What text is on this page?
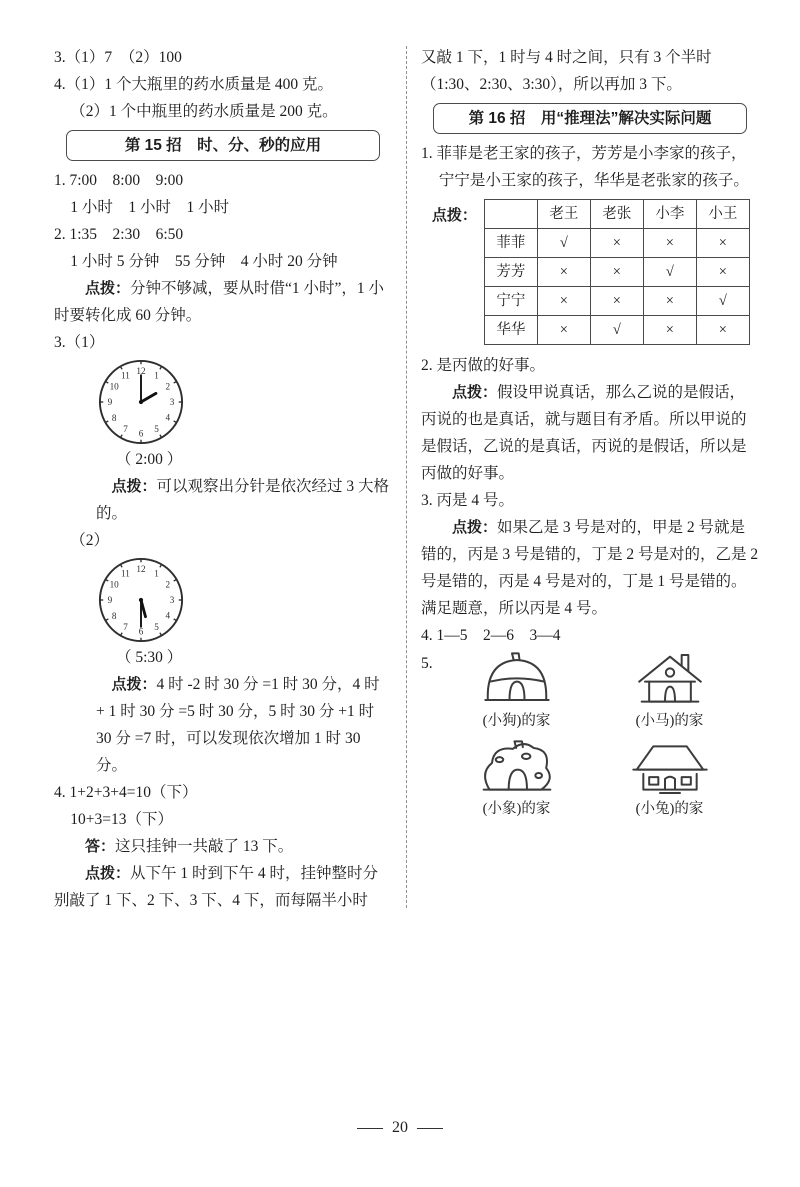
3.（1）7　（2）100

4.（1）1 个大瓶里的药水质量是 400 克。

（2）1 个中瓶里的药水质量是 200 克。

第 15 招　时、分、秒的应用

1. 7:00　8:00　9:00

1 小时　1 小时　1 小时

2. 1:35　2:30　6:50

1 小时 5 分钟　55 分钟　4 小时 20 分钟

点拨：分钟不够减，要从时借“1 小时”，1 小时要转化成 60 分钟。

3.（1）

12 1
2
3
4
5
6
7
8
9
10
11

（ 2:00 ）

点拨：可以观察出分针是依次经过 3 大格的。

（2）

12 1
2
3
4
5
6
7
8
9
10
11

（ 5:30 ）

点拨：4 时 -2 时 30 分 =1 时 30 分，4 时 + 1 时 30 分 =5 时 30 分，5 时 30 分 +1 时 30 分 =7 时，可以发现依次增加 1 时 30 分。

4. 1+2+3+4=10（下）

10+3=13（下）

答：这只挂钟一共敲了 13 下。

点拨：从下午 1 时到下午 4 时，挂钟整时分别敲了 1 下、2 下、3 下、4 下，而每隔半小时

又敲 1 下，1 时与 4 时之间，只有 3 个半时（1:30、2:30、3:30），所以再加 3 下。

第 16 招　用“推理法”解决实际问题

1. 菲菲是老王家的孩子，芳芳是小李家的孩子，宁宁是小王家的孩子，华华是老张家的孩子。

点拨：
		老王	老张	小李	小王
菲菲	√	×	×	×
芳芳	×	×	√	×
宁宁	×	×	×	√
华华	×	√	×	×

2. 是丙做的好事。

点拨：假设甲说真话，那么乙说的是假话，丙说的也是真话，就与题目有矛盾。所以甲说的是假话，乙说的是真话，丙说的是假话，所以是丙做的好事。

3. 丙是 4 号。

点拨：如果乙是 3 号是对的，甲是 2 号就是错的，丙是 3 号是错的，丁是 2 号是对的，乙是 2 号是错的，丙是 4 号是对的，丁是 1 号是错的。满足题意，所以丙是 4 号。

4. 1—5　2—6　3—4

5.
(小狗)的家	(小马)的家
(小象)的家	(小兔)的家
20
